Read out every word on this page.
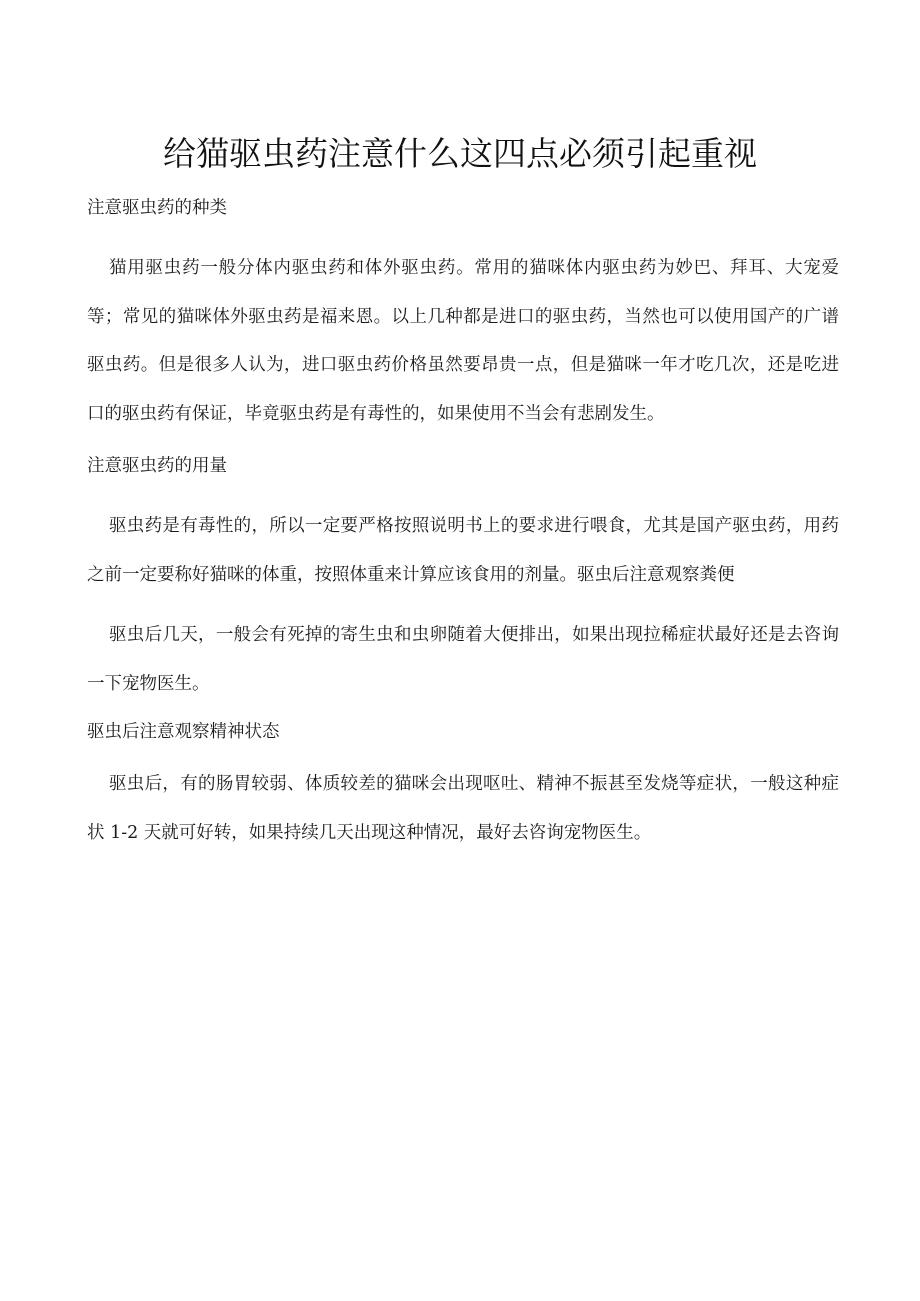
给猫驱虫药注意什么这四点必须引起重视
注意驱虫药的种类

猫用驱虫药一般分体内驱虫药和体外驱虫药。常用的猫咪体内驱虫药为妙巴、拜耳、大宠爱等；常见的猫咪体外驱虫药是福来恩。以上几种都是进口的驱虫药，当然也可以使用国产的广谱驱虫药。但是很多人认为，进口驱虫药价格虽然要昂贵一点，但是猫咪一年才吃几次，还是吃进口的驱虫药有保证，毕竟驱虫药是有毒性的，如果使用不当会有悲剧发生。

注意驱虫药的用量

驱虫药是有毒性的，所以一定要严格按照说明书上的要求进行喂食，尤其是国产驱虫药，用药之前一定要称好猫咪的体重，按照体重来计算应该食用的剂量。驱虫后注意观察粪便

驱虫后几天，一般会有死掉的寄生虫和虫卵随着大便排出，如果出现拉稀症状最好还是去咨询一下宠物医生。

驱虫后注意观察精神状态

驱虫后，有的肠胃较弱、体质较差的猫咪会出现呕吐、精神不振甚至发烧等症状，一般这种症状 1-2 天就可好转，如果持续几天出现这种情况，最好去咨询宠物医生。
